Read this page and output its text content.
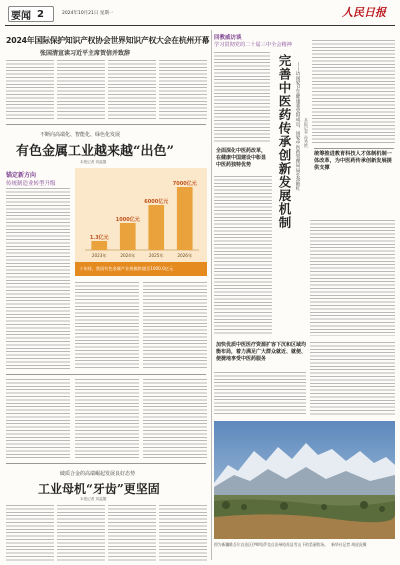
要闻 2	2024年10月21日 星期一	人民日报
2024年国际保护知识产权协会世界知识产权大会在杭州开幕
张国清宣读习近平主席贺信并致辞
不断向高端化、智能化、绿色化发展
有色金属工业越来越“出色”
本报记者 刘温馨
锚定新方向
传统制造业转型升级
1.3亿元
2023年
1000亿元
2024年
6000亿元
2025年
7000亿元
2026年
十年间，我国有色金属产业规模跨越至1000.0亿元
破质合金的高端崛起发展良好态势
工业母机“牙齿”更坚固
本报记者 刘温馨
回教威访谈
学习贯彻党的二十届三中全会精神
完善中医药传承创新发展机制 ——访国家卫生健康委党组成员、国家中医药管理局局长余艳红 本报记者 孙秀艳
全面深化中医药改革，在健康中国建设中彰显中医药独特优势
统筹推进教育科技人才体制机制一体改革，为中医药传承创新发展提供支撑
加快优质中医医疗资源扩容下沉和区域均衡布局，着力满足广大群众就近、就便、便捷地享受中医药服务
图为新疆维吾尔自治区伊犁哈萨克自治州昭苏县雪山下的美丽牧场。 新华社记者 胡虎虎摄
